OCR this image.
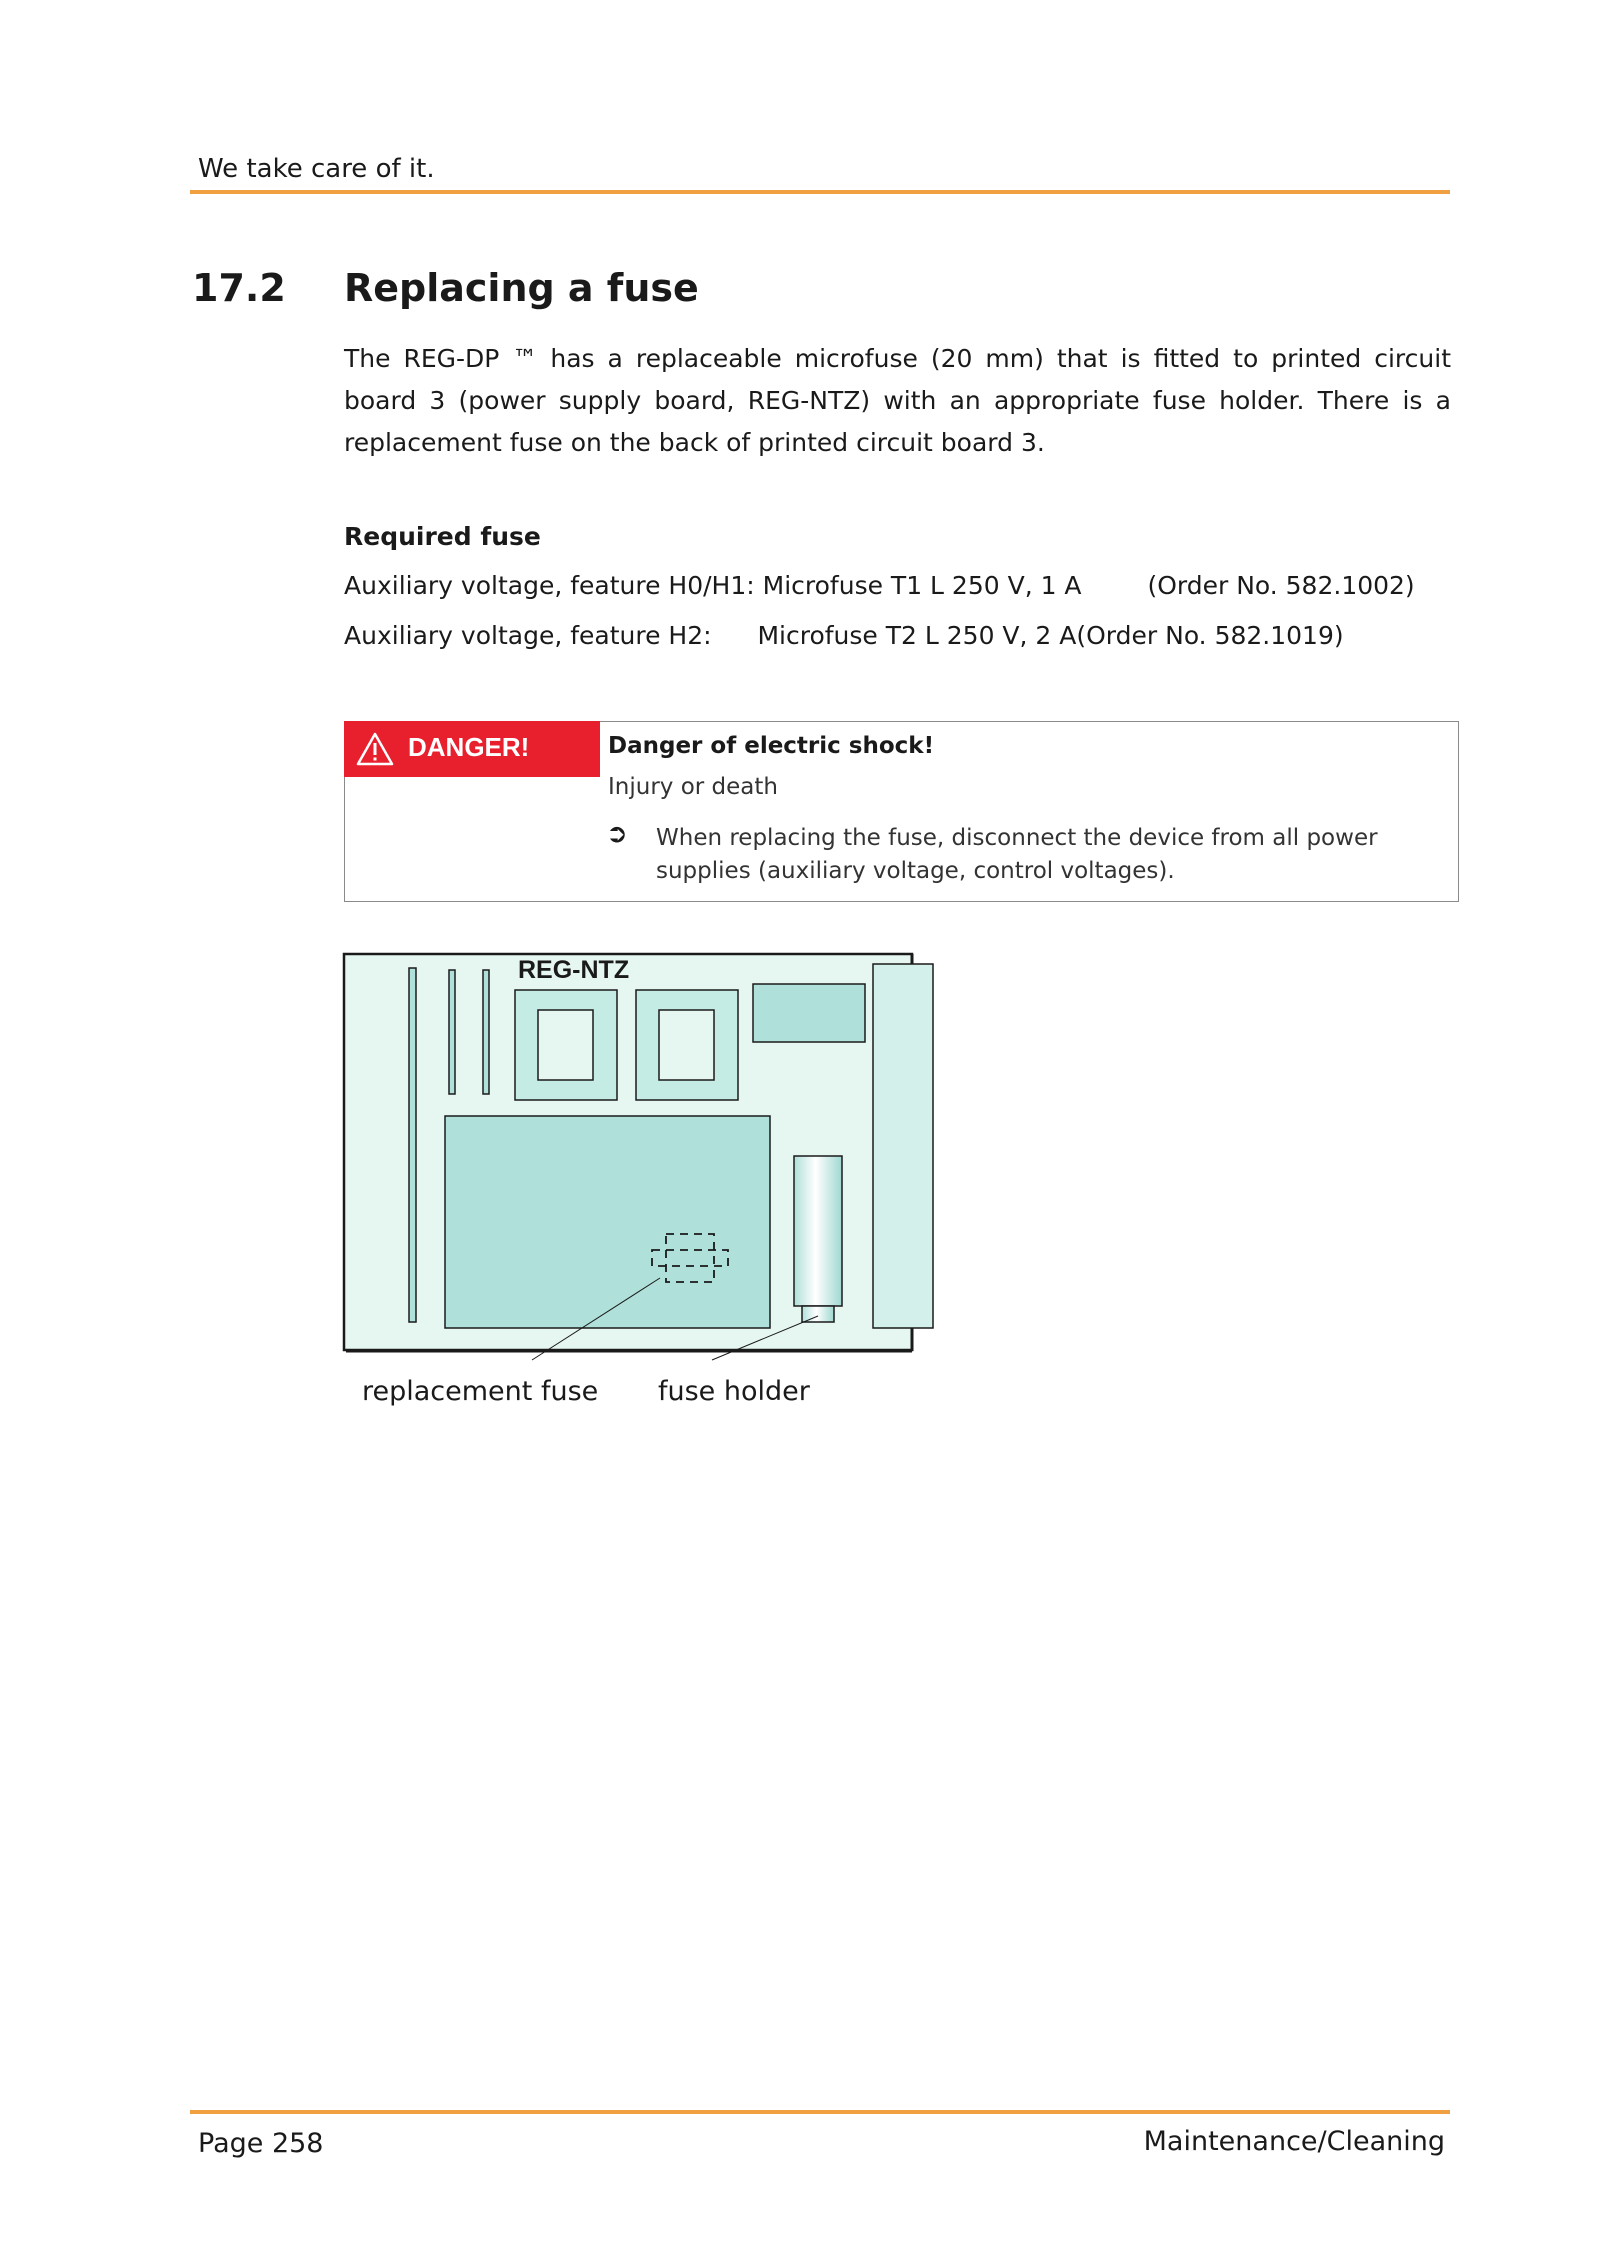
We take care of it.
17.2 Replacing a fuse
The REG-DP ™ has a replaceable microfuse (20 mm) that is fitted to printed circuit board 3 (power supply board, REG-NTZ) with an appropriate fuse holder. There is a replacement fuse on the back of printed circuit board 3.
Required fuse
Auxiliary voltage, feature H0/H1: Microfuse T1 L 250 V, 1 A	(Order No. 582.1002)
Auxiliary voltage, feature H2: Microfuse T2 L 250 V, 2 A(Order No. 582.1019)
DANGER!	Danger of electric shock!
Injury or death
➲ When replacing the fuse, disconnect the device from all power supplies (auxiliary voltage, control voltages).
REG-NTZ
replacement fuse fuse holder
Page 258	Maintenance/Cleaning
